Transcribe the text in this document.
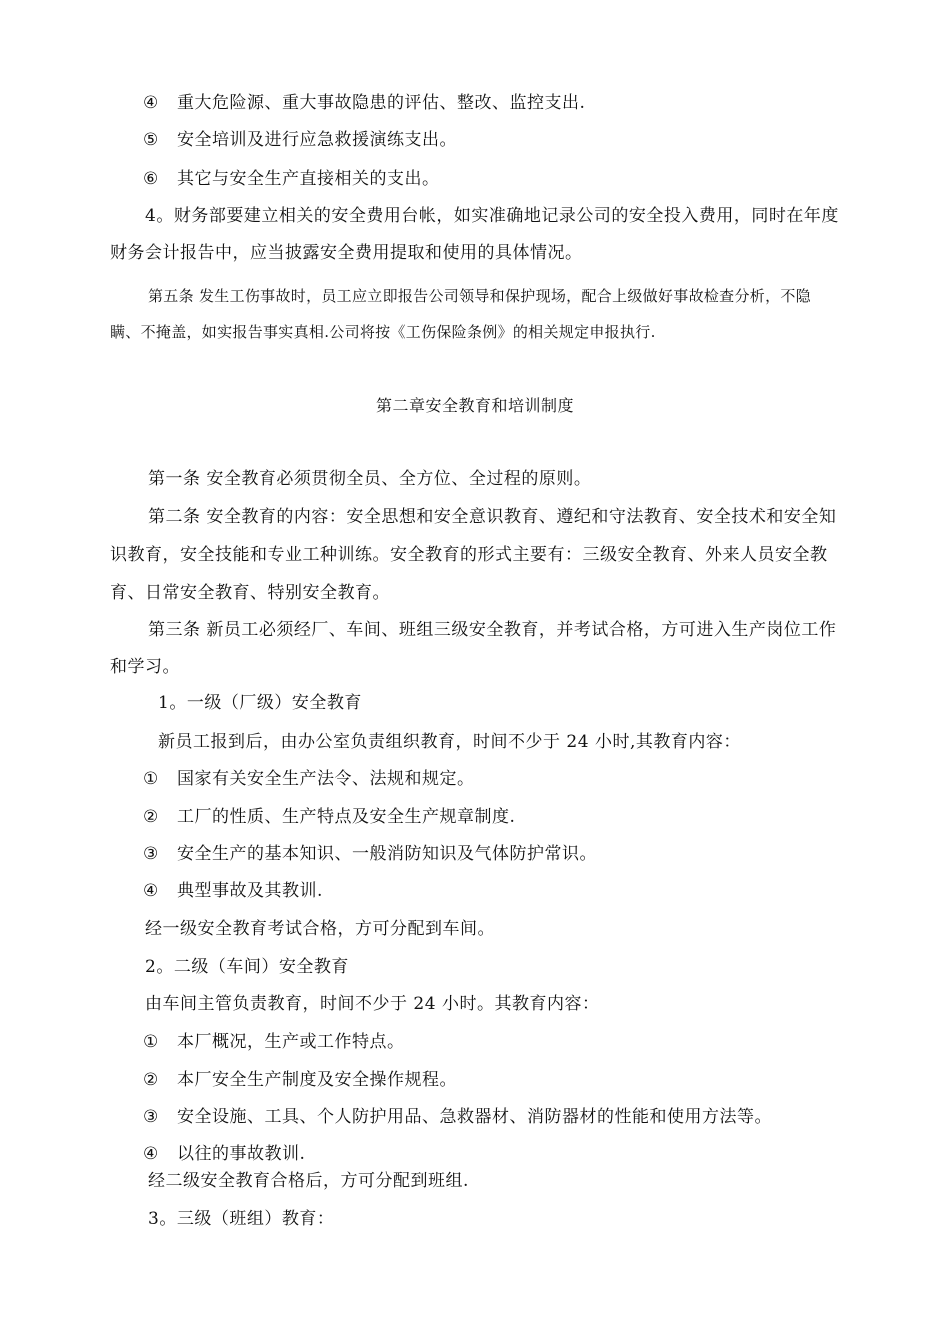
④ 重大危险源、重大事故隐患的评估、整改、监控支出.
⑤ 安全培训及进行应急救援演练支出。
⑥ 其它与安全生产直接相关的支出。
4。财务部要建立相关的安全费用台帐，如实准确地记录公司的安全投入费用，同时在年度
财务会计报告中，应当披露安全费用提取和使用的具体情况。
第五条 发生工伤事故时，员工应立即报告公司领导和保护现场，配合上级做好事故检查分析，不隐
瞒、不掩盖，如实报告事实真相.公司将按《工伤保险条例》的相关规定申报执行.
第二章安全教育和培训制度
第一条 安全教育必须贯彻全员、全方位、全过程的原则。
第二条 安全教育的内容：安全思想和安全意识教育、遵纪和守法教育、安全技术和安全知
识教育，安全技能和专业工种训练。安全教育的形式主要有：三级安全教育、外来人员安全教
育、日常安全教育、特别安全教育。
第三条 新员工必须经厂、车间、班组三级安全教育，并考试合格，方可进入生产岗位工作
和学习。
1。一级（厂级）安全教育
新员工报到后，由办公室负责组织教育，时间不少于 24 小时,其教育内容：
① 国家有关安全生产法令、法规和规定。
② 工厂的性质、生产特点及安全生产规章制度.
③ 安全生产的基本知识、一般消防知识及气体防护常识。
④ 典型事故及其教训.
经一级安全教育考试合格，方可分配到车间。
2。二级（车间）安全教育
由车间主管负责教育，时间不少于 24 小时。其教育内容：
① 本厂概况，生产或工作特点。
② 本厂安全生产制度及安全操作规程。
③ 安全设施、工具、个人防护用品、急救器材、消防器材的性能和使用方法等。
④ 以往的事故教训.
经二级安全教育合格后，方可分配到班组.
3。三级（班组）教育：
